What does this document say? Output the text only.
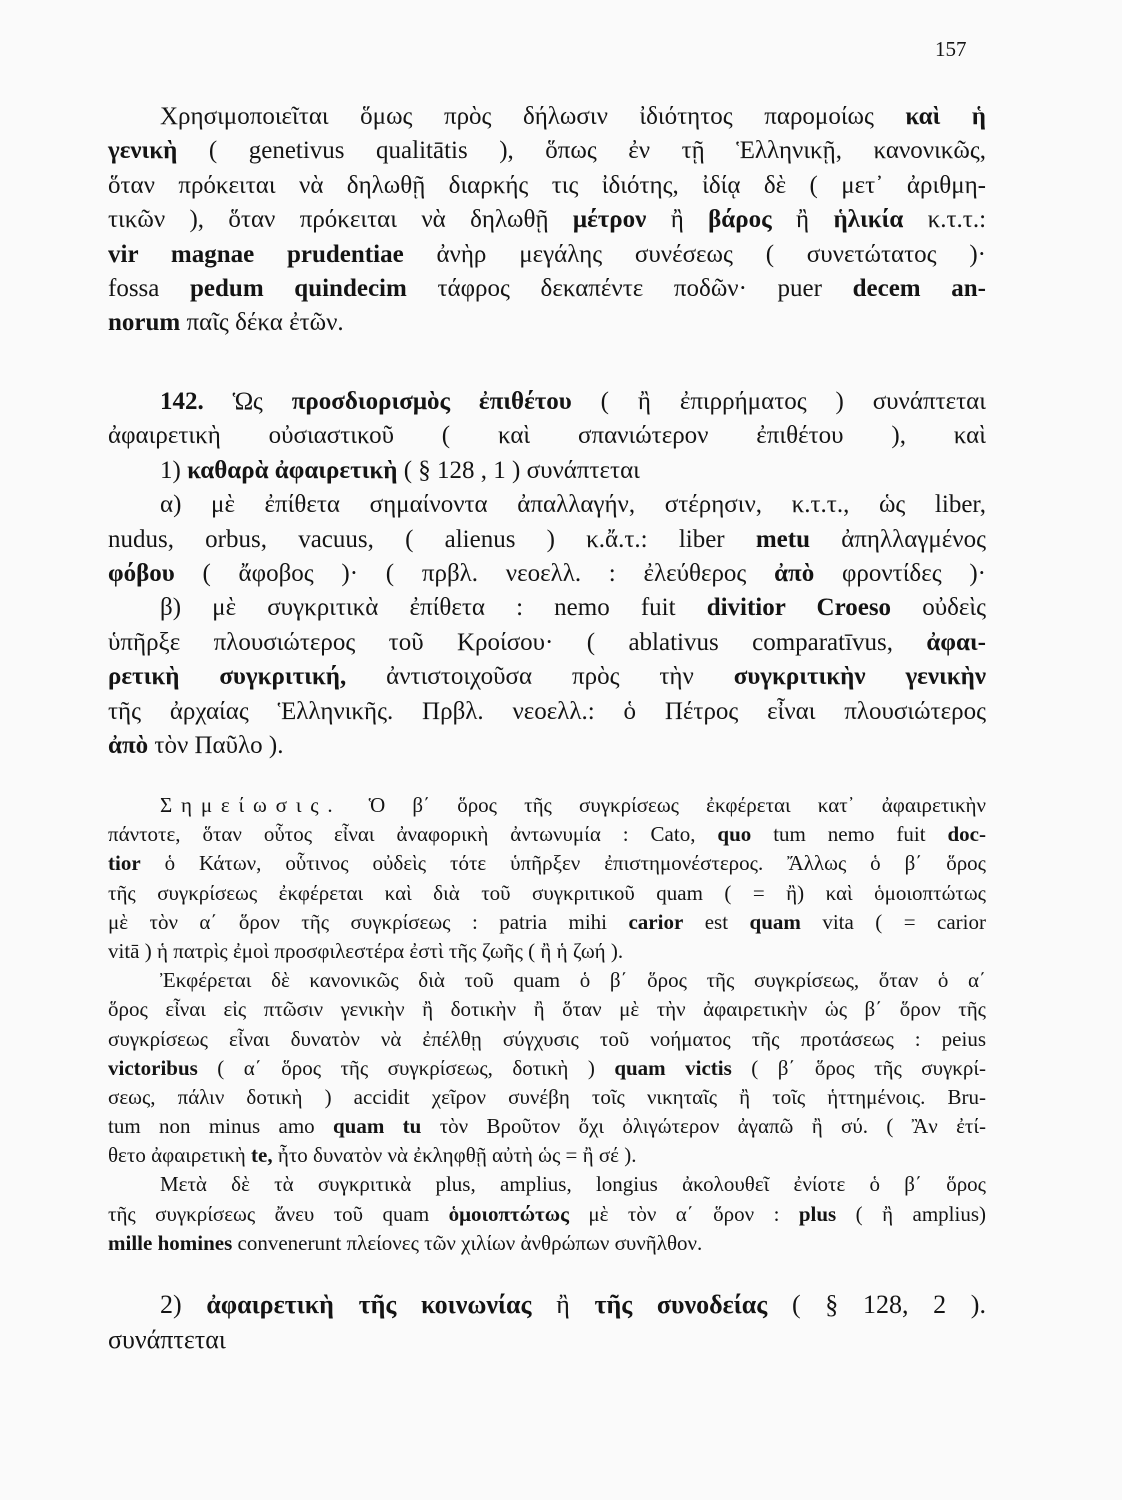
157
Χρησιμοποιεῖται ὅμως πρὸς δήλωσιν ἰδιότητος παρομοίως καὶ ἡ
γενικὴ ( genetivus qualitātis ), ὅπως ἐν τῇ Ἑλληνικῇ, κανονικῶς,
ὅταν πρόκειται νὰ δηλωθῇ διαρκής τις ἰδιότης, ἰδίᾳ δὲ ( μετ᾽ ἀριθμη-
τικῶν ), ὅταν πρόκειται νὰ δηλωθῇ μέτρον ἢ βάρος ἢ ἡλικία κ.τ.τ.:
vir magnae prudentiae ἀνὴρ μεγάλης συνέσεως ( συνετώτατος )·
fossa pedum quindecim τάφρος δεκαπέντε ποδῶν· puer decem an-
norum παῖς δέκα ἐτῶν.
142. Ὡς προσδιορισμὸς ἐπιθέτου ( ἢ ἐπιρρήματος ) συνάπτεται
ἀφαιρετικὴ οὐσιαστικοῦ ( καὶ σπανιώτερον ἐπιθέτου ), καὶ
1) καθαρὰ ἀφαιρετικὴ ( § 128 , 1 ) συνάπτεται
α) μὲ ἐπίθετα σημαίνοντα ἀπαλλαγήν, στέρησιν, κ.τ.τ., ὡς liber,
nudus, orbus, vacuus, ( alienus ) κ.ἄ.τ.: liber metu ἀπηλλαγμένος
φόβου ( ἄφοβος )· ( πρβλ. νεοελλ. : ἐλεύθερος ἀπὸ φροντίδες )·
β) μὲ συγκριτικὰ ἐπίθετα : nemo fuit divitior Croeso οὐδεὶς
ὑπῆρξε πλουσιώτερος τοῦ Κροίσου· ( ablativus comparatīvus, ἀφαι-
ρετικὴ συγκριτική, ἀντιστοιχοῦσα πρὸς τὴν συγκριτικὴν γενικὴν
τῆς ἀρχαίας Ἑλληνικῆς. Πρβλ. νεοελλ.: ὁ Πέτρος εἶναι πλουσιώτερος
ἀπὸ τὸν Παῦλο ).
Σημείωσις. Ὁ β΄ ὅρος τῆς συγκρίσεως ἐκφέρεται κατ᾽ ἀφαιρετικὴν
πάντοτε, ὅταν οὗτος εἶναι ἀναφορικὴ ἀντωνυμία : Cato, quo tum nemo fuit doc-
tior ὁ Κάτων, οὗτινος οὐδεὶς τότε ὑπῆρξεν ἐπιστημονέστερος. Ἄλλως ὁ β΄ ὅρος
τῆς συγκρίσεως ἐκφέρεται καὶ διὰ τοῦ συγκριτικοῦ quam ( = ἢ) καὶ ὁμοιοπτώτως
μὲ τὸν α΄ ὅρον τῆς συγκρίσεως : patria mihi carior est quam vita ( = carior
vitā ) ἡ πατρὶς ἐμοὶ προσφιλεστέρα ἐστὶ τῆς ζωῆς ( ἢ ἡ ζωή ).
Ἐκφέρεται δὲ κανονικῶς διὰ τοῦ quam ὁ β΄ ὅρος τῆς συγκρίσεως, ὅταν ὁ α΄
ὅρος εἶναι εἰς πτῶσιν γενικὴν ἢ δοτικὴν ἢ ὅταν μὲ τὴν ἀφαιρετικὴν ὡς β΄ ὅρον τῆς
συγκρίσεως εἶναι δυνατὸν νὰ ἐπέλθῃ σύγχυσις τοῦ νοήματος τῆς προτάσεως : peius
victoribus ( α΄ ὅρος τῆς συγκρίσεως, δοτικὴ ) quam victis ( β΄ ὅρος τῆς συγκρί-
σεως, πάλιν δοτικὴ ) accidit χεῖρον συνέβη τοῖς νικηταῖς ἢ τοῖς ἡττημένοις. Bru-
tum non minus amo quam tu τὸν Βροῦτον ὄχι ὀλιγώτερον ἀγαπῶ ἢ σύ. ( Ἂν ἐτί-
θετο ἀφαιρετικὴ te, ἦτο δυνατὸν νὰ ἐκληφθῇ αὐτὴ ὡς = ἢ σέ ).
Μετὰ δὲ τὰ συγκριτικὰ plus, amplius, longius ἀκολουθεῖ ἐνίοτε ὁ β΄ ὅρος
τῆς συγκρίσεως ἄνευ τοῦ quam ὁμοιοπτώτως μὲ τὸν α΄ ὅρον : plus ( ἢ amplius)
mille homines convenerunt πλείονες τῶν χιλίων ἀνθρώπων συνῆλθον.
2) ἀφαιρετικὴ τῆς κοινωνίας ἢ τῆς συνοδείας ( § 128, 2 ).
συνάπτεται
